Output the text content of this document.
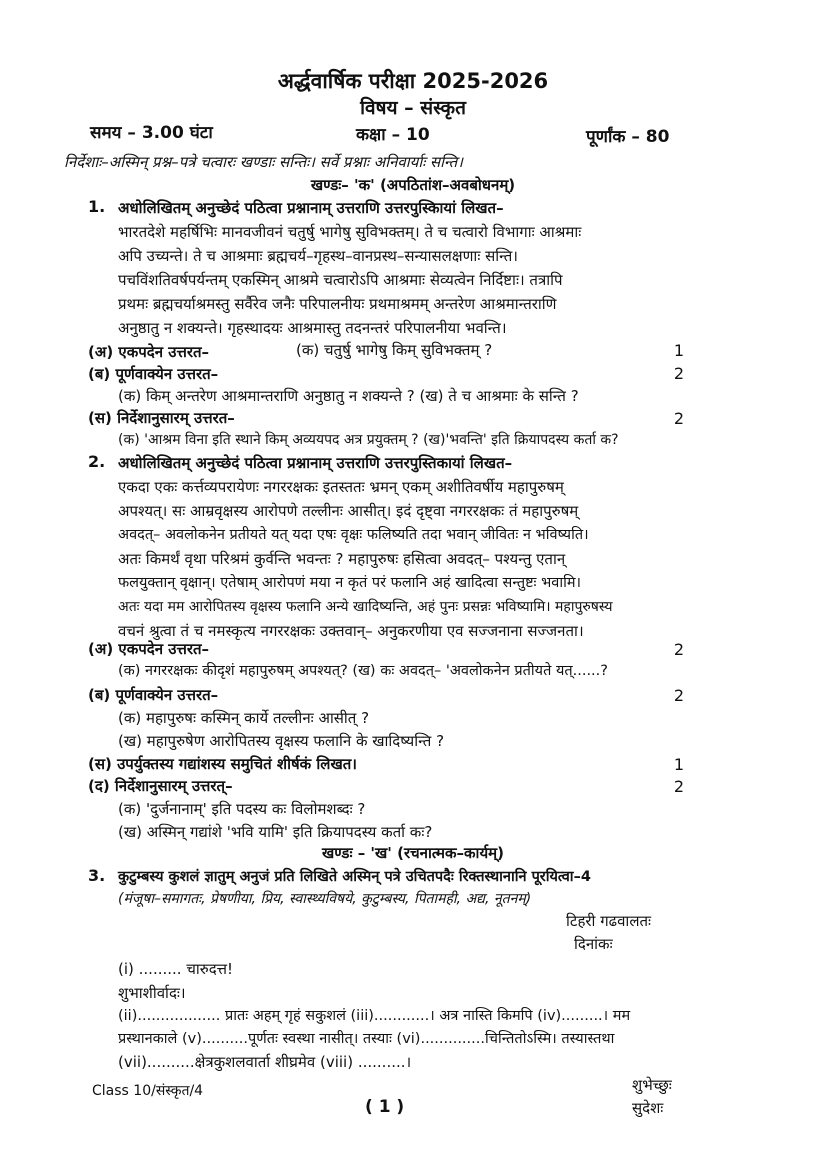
अर्द्धवार्षिक परीक्षा 2025-2026
विषय – संस्कृत
समय – 3.00 घंटा	कक्षा – 10	पूर्णांक – 80
निर्देशाः–अस्मिन् प्रश्न–पत्रे चत्वारः खण्डाः सन्तिः। सर्वे प्रश्नाः अनिवार्याः सन्ति।
खण्डः– 'क' (अपठितांश–अवबोधनम्)
1. अधोलिखितम् अनुच्छेदं पठित्वा प्रश्नानाम् उत्तराणि उत्तरपुस्किायां लिखत–
भारतदेशे महर्षिभिः मानवजीवनं चतुर्षु भागेषु सुविभक्तम्। ते च चत्वारो विभागाः आश्रमाः
अपि उच्यन्ते। ते च आश्रमाः ब्रह्मचर्य–गृहस्थ–वानप्रस्थ–सन्यासलक्षणाः सन्ति।
पचविंशतिवर्षपर्यन्तम् एकस्मिन् आश्रमे चत्वारोऽपि आश्रमाः सेव्यत्वेन निर्दिष्टाः। तत्रापि
प्रथमः ब्रह्मचर्याश्रमस्तु सर्वैरेव जनैः परिपालनीयः प्रथमाश्रमम् अन्तरेण आश्रमान्तराणि
अनुष्ठातु न शक्यन्ते। गृहस्थादयः आश्रमास्तु तदनन्तरं परिपालनीया भवन्ति।
(अ) एकपदेन उत्तरत–	(क) चतुर्षु भागेषु किम् सुविभक्तम् ?	1
(ब) पूर्णवाक्येन उत्तरत–	2
(क) किम् अन्तरेण आश्रमान्तराणि अनुष्ठातु न शक्यन्ते ? (ख) ते च आश्रमाः के सन्ति ?
(स) निर्देशानुसारम् उत्तरत–	2
(क) 'आश्रम विना इति स्थाने किम् अव्ययपद अत्र प्रयुक्तम् ? (ख)'भवन्ति' इति क्रियापदस्य कर्ता क?
2. अधोलिखितम् अनुच्छेदं पठित्वा प्रश्नानाम् उत्तराणि उत्तरपुस्तिकायां लिखत–
एकदा एकः कर्त्तव्यपरायेणः नगररक्षकः इतस्ततः भ्रमन् एकम् अशीतिवर्षीय महापुरुषम्
अपश्यत्। सः आम्रवृक्षस्य आरोपणे तल्लीनः आसीत्। इदं दृष्ट्वा नगररक्षकः तं महापुरुषम्
अवदत्– अवलोकनेन प्रतीयते यत् यदा एषः वृक्षः फलिष्यति तदा भवान् जीवितः न भविष्यति।
अतः किमर्थं वृथा परिश्रमं कुर्वन्ति भवन्तः ? महापुरुषः हसित्वा अवदत्– पश्यन्तु एतान्
फलयुक्तान् वृक्षान्। एतेषाम् आरोपणं मया न कृतं परं फलानि अहं खादित्वा सन्तुष्टः भवामि।
अतः यदा मम आरोपितस्य वृक्षस्य फलानि अन्ये खादिष्यन्ति, अहं पुनः प्रसन्नः भविष्यामि। महापुरुषस्य
वचनं श्रुत्वा तं च नमस्कृत्य नगररक्षकः उक्तवान्– अनुकरणीया एव सज्जनाना सज्जनता।
(अ) एकपदेन उत्तरत–	2
(क) नगररक्षकः कीदृशं महापुरुषम् अपश्यत्? (ख) कः अवदत्– 'अवलोकनेन प्रतीयते यत्......?
(ब) पूर्णवाक्येन उत्तरत–	2
(क) महापुरुषः कस्मिन् कार्ये तल्लीनः आसीत् ?
(ख) महापुरुषेण आरोपितस्य वृक्षस्य फलानि के खादिष्यन्ति ?
(स) उपर्युक्तस्य गद्यांशस्य समुचितं शीर्षकं लिखत।	1
(द) निर्देशानुसारम् उत्तरत्–	2
(क) 'दुर्जनानाम्' इति पदस्य कः विलोमशब्दः ?
(ख) अस्मिन् गद्यांशे 'भवि यामि' इति क्रियापदस्य कर्ता कः?
खण्डः – 'ख' (रचनात्मक–कार्यम्)
3. कुटुम्बस्य कुशलं ज्ञातुम् अनुजं प्रति लिखिते अस्मिन् पत्रे उचितपदैः रिक्तस्थानानि पूरयित्वा–4
(मंजूषा–समागतः, प्रेषणीया, प्रिय, स्वास्थ्यविषये, कुटुम्बस्य, पितामही, अद्य, नूतनम्)
टिहरी गढवालतः
दिनांकः
(i) ......... चारुदत्त!
शुभाशीर्वादः।
(ii).................. प्रातः अहम् गृहं सकुशलं (iii)............। अत्र नास्ति किमपि (iv).........। मम
प्रस्थानकाले (v)..........पूर्णतः स्वस्था नासीत्। तस्याः (vi)..............चिन्तितोऽस्मि। तस्यास्तथा
(vii)..........क्षेत्रकुशलवार्ता शीघ्रमेव (viii) ..........।
Class 10/संस्कृत/4
( 1 )
शुभेच्छुः
सुदेशः
